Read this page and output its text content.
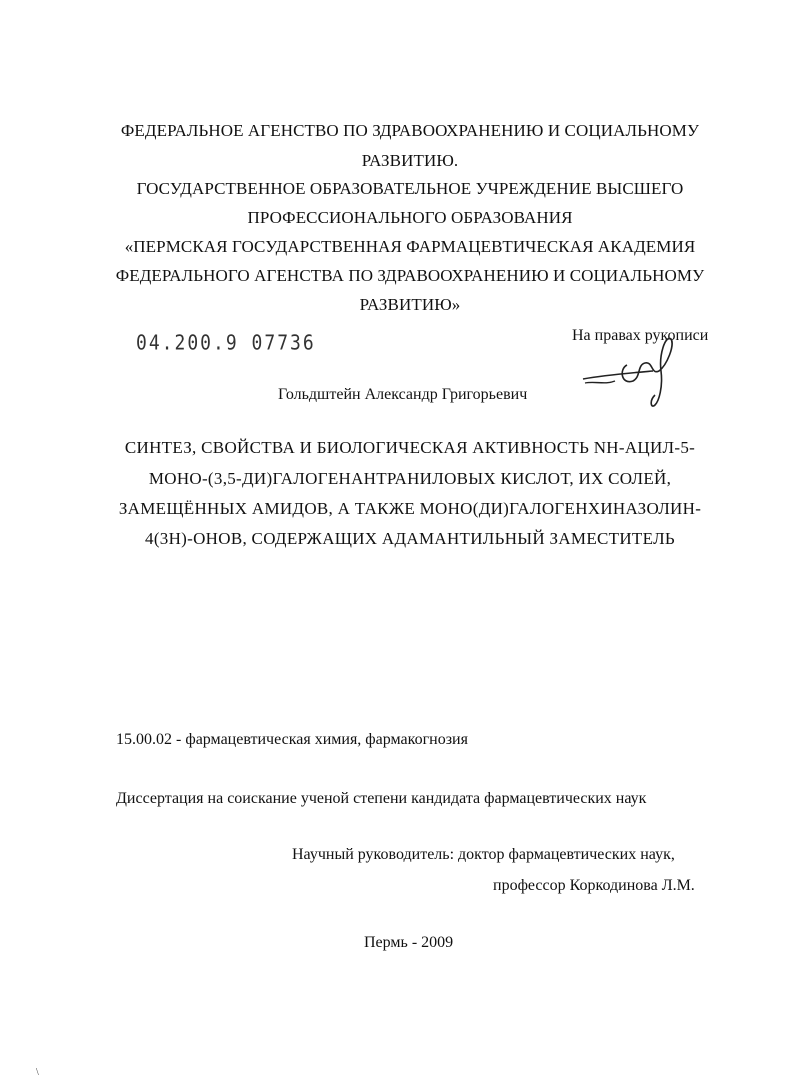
ФЕДЕРАЛЬНОЕ АГЕНСТВО ПО ЗДРАВООХРАНЕНИЮ И СОЦИАЛЬНОМУ
РАЗВИТИЮ.
ГОСУДАРСТВЕННОЕ ОБРАЗОВАТЕЛЬНОЕ УЧРЕЖДЕНИЕ ВЫСШЕГО
ПРОФЕССИОНАЛЬНОГО ОБРАЗОВАНИЯ
«ПЕРМСКАЯ ГОСУДАРСТВЕННАЯ ФАРМАЦЕВТИЧЕСКАЯ АКАДЕМИЯ
ФЕДЕРАЛЬНОГО АГЕНСТВА ПО ЗДРАВООХРАНЕНИЮ И СОЦИАЛЬНОМУ
РАЗВИТИЮ»
04.200.9 07736	На правах рукописи
Гольдштейн Александр Григорьевич
СИНТЕЗ, СВОЙСТВА И БИОЛОГИЧЕСКАЯ АКТИВНОСТЬ NH-АЦИЛ-5-
МОНО-(3,5-ДИ)ГАЛОГЕНАНТРАНИЛОВЫХ КИСЛОТ, ИХ СОЛЕЙ,
ЗАМЕЩЁННЫХ АМИДОВ, А ТАКЖЕ МОНО(ДИ)ГАЛОГЕНХИНАЗОЛИН-
4(3Н)-ОНОВ, СОДЕРЖАЩИХ АДАМАНТИЛЬНЫЙ ЗАМЕСТИТЕЛЬ
15.00.02 - фармацевтическая химия, фармакогнозия
Диссертация на соискание ученой степени кандидата фармацевтических наук
Научный руководитель: доктор фармацевтических наук,
профессор Коркодинова Л.М.
Пермь - 2009
\
